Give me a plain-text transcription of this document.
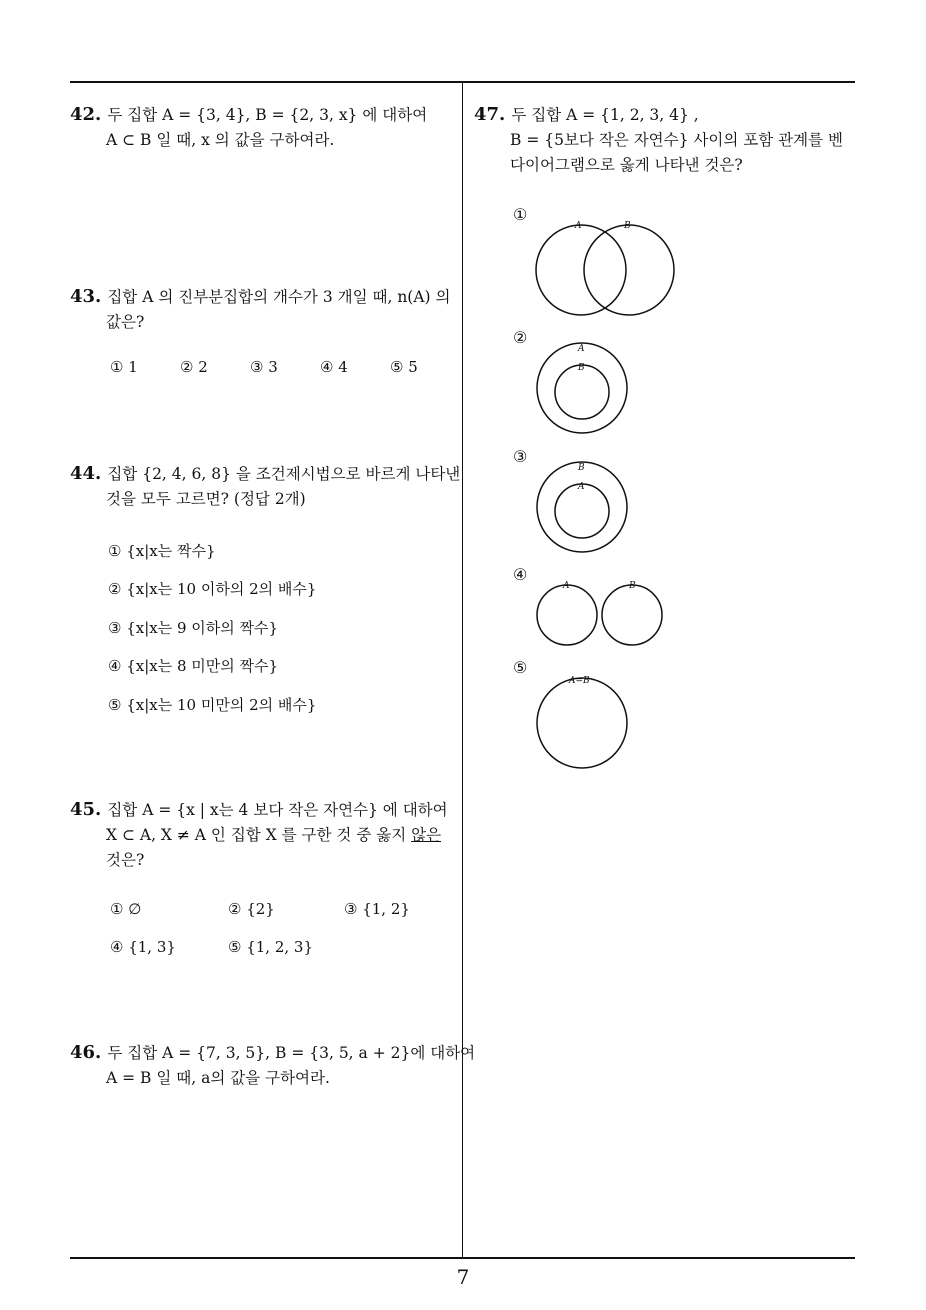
42. 두 집합 A = {3, 4}, B = {2, 3, x} 에 대하여
A ⊂ B 일 때, x 의 값을 구하여라.
43. 집합 A 의 진부분집합의 개수가 3 개일 때, n(A) 의
값은?
① 1	② 2	③ 3	④ 4	⑤ 5
44. 집합 {2, 4, 6, 8} 을 조건제시법으로 바르게 나타낸
것을 모두 고르면? (정답 2개)
① {x|x는 짝수}
② {x|x는 10 이하의 2의 배수}
③ {x|x는 9 이하의 짝수}
④ {x|x는 8 미만의 짝수}
⑤ {x|x는 10 미만의 2의 배수}
45. 집합 A = {x | x는 4 보다 작은 자연수} 에 대하여
X ⊂ A, X ≠ A 인 집합 X 를 구한 것 중 옳지 않은
것은?
① ∅	② {2}	③ {1, 2}
④ {1, 3}	⑤ {1, 2, 3}
46. 두 집합 A = {7, 3, 5}, B = {3, 5, a + 2}에 대하여
A = B 일 때, a의 값을 구하여라.
47. 두 집합 A = {1, 2, 3, 4} ,
B = {5보다 작은 자연수} 사이의 포함 관계를 벤
다이어그램으로 옳게 나타낸 것은?
①
A	B
②
A
B
③
B
A
④
A	B
⑤
A=B
7
